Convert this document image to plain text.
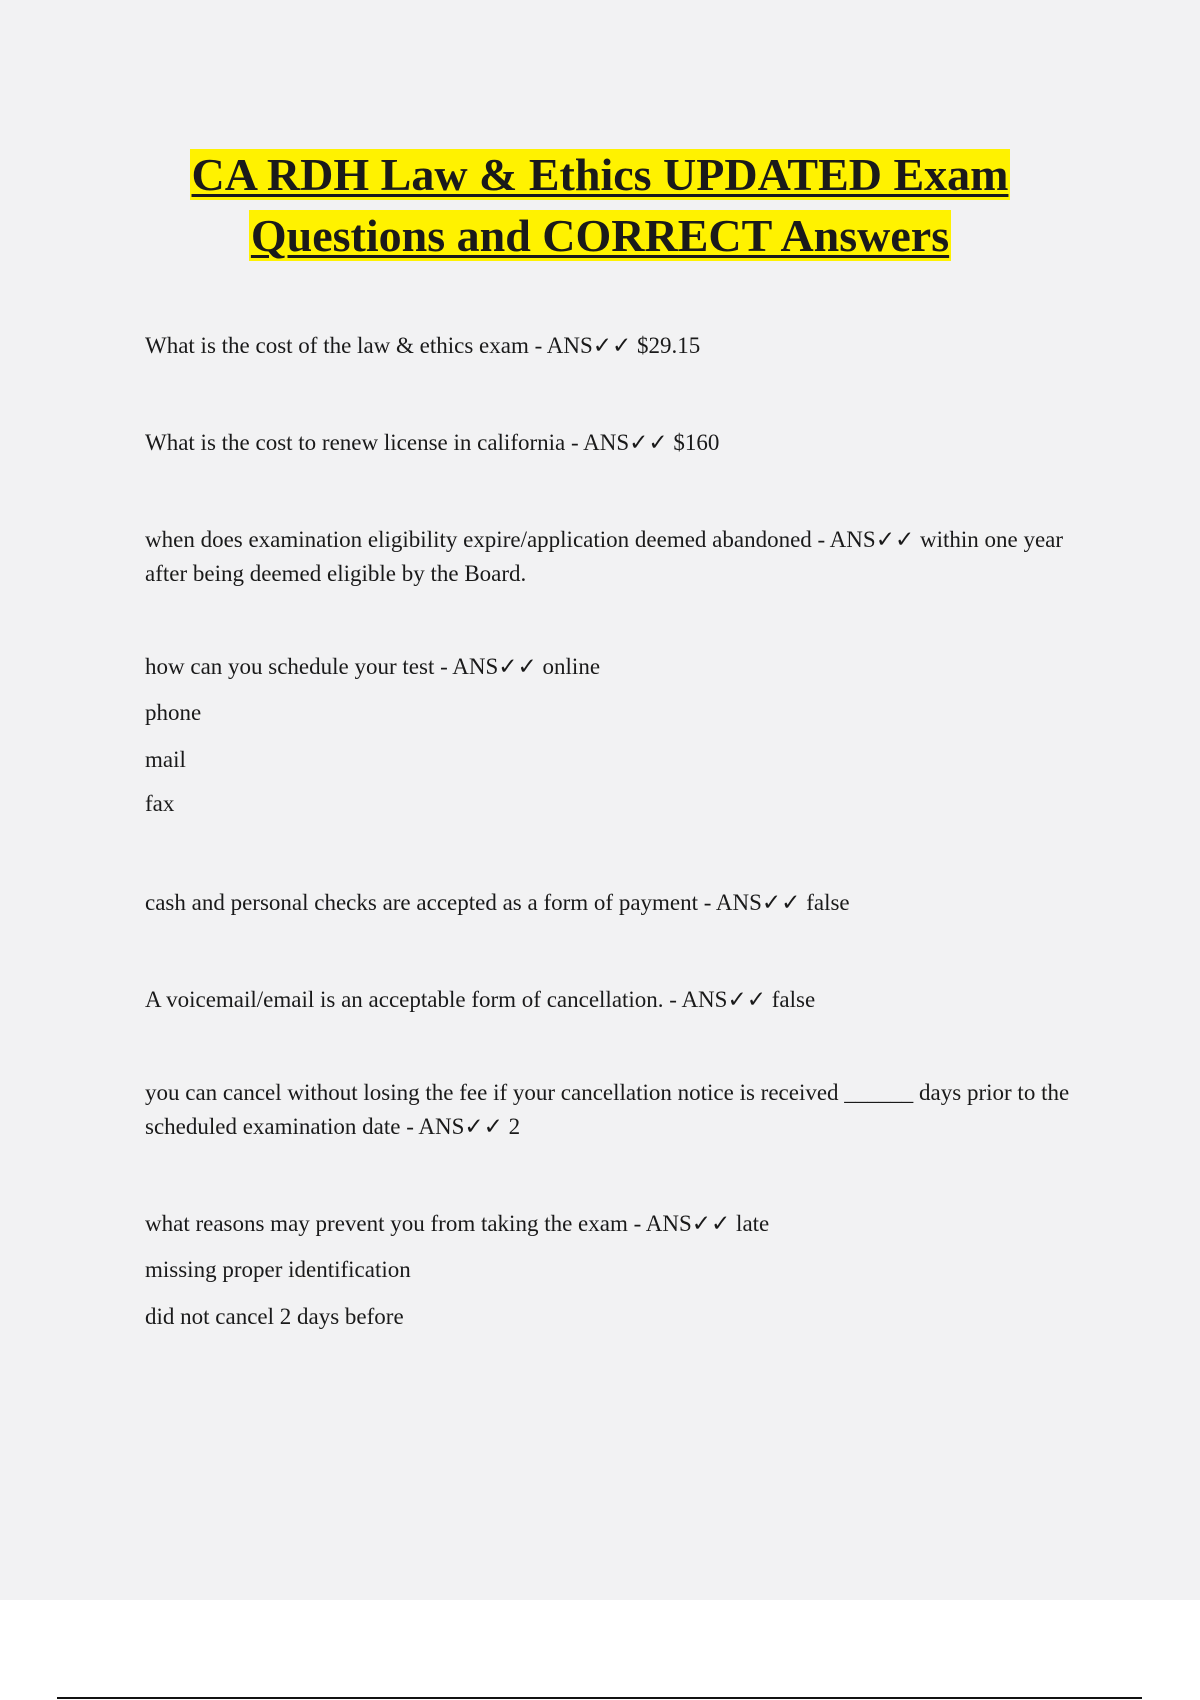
CA RDH Law & Ethics UPDATED Exam
Questions and CORRECT Answers

What is the cost of the law & ethics exam - ANS✓✓ $29.15

What is the cost to renew license in california - ANS✓✓ $160

when does examination eligibility expire/application deemed abandoned - ANS✓✓ within one year after being deemed eligible by the Board.

how can you schedule your test - ANS✓✓ online
phone
mail
fax

cash and personal checks are accepted as a form of payment - ANS✓✓ false

A voicemail/email is an acceptable form of cancellation. - ANS✓✓ false

you can cancel without losing the fee if your cancellation notice is received ______ days prior to the scheduled examination date - ANS✓✓ 2

what reasons may prevent you from taking the exam - ANS✓✓ late
missing proper identification
did not cancel 2 days before
